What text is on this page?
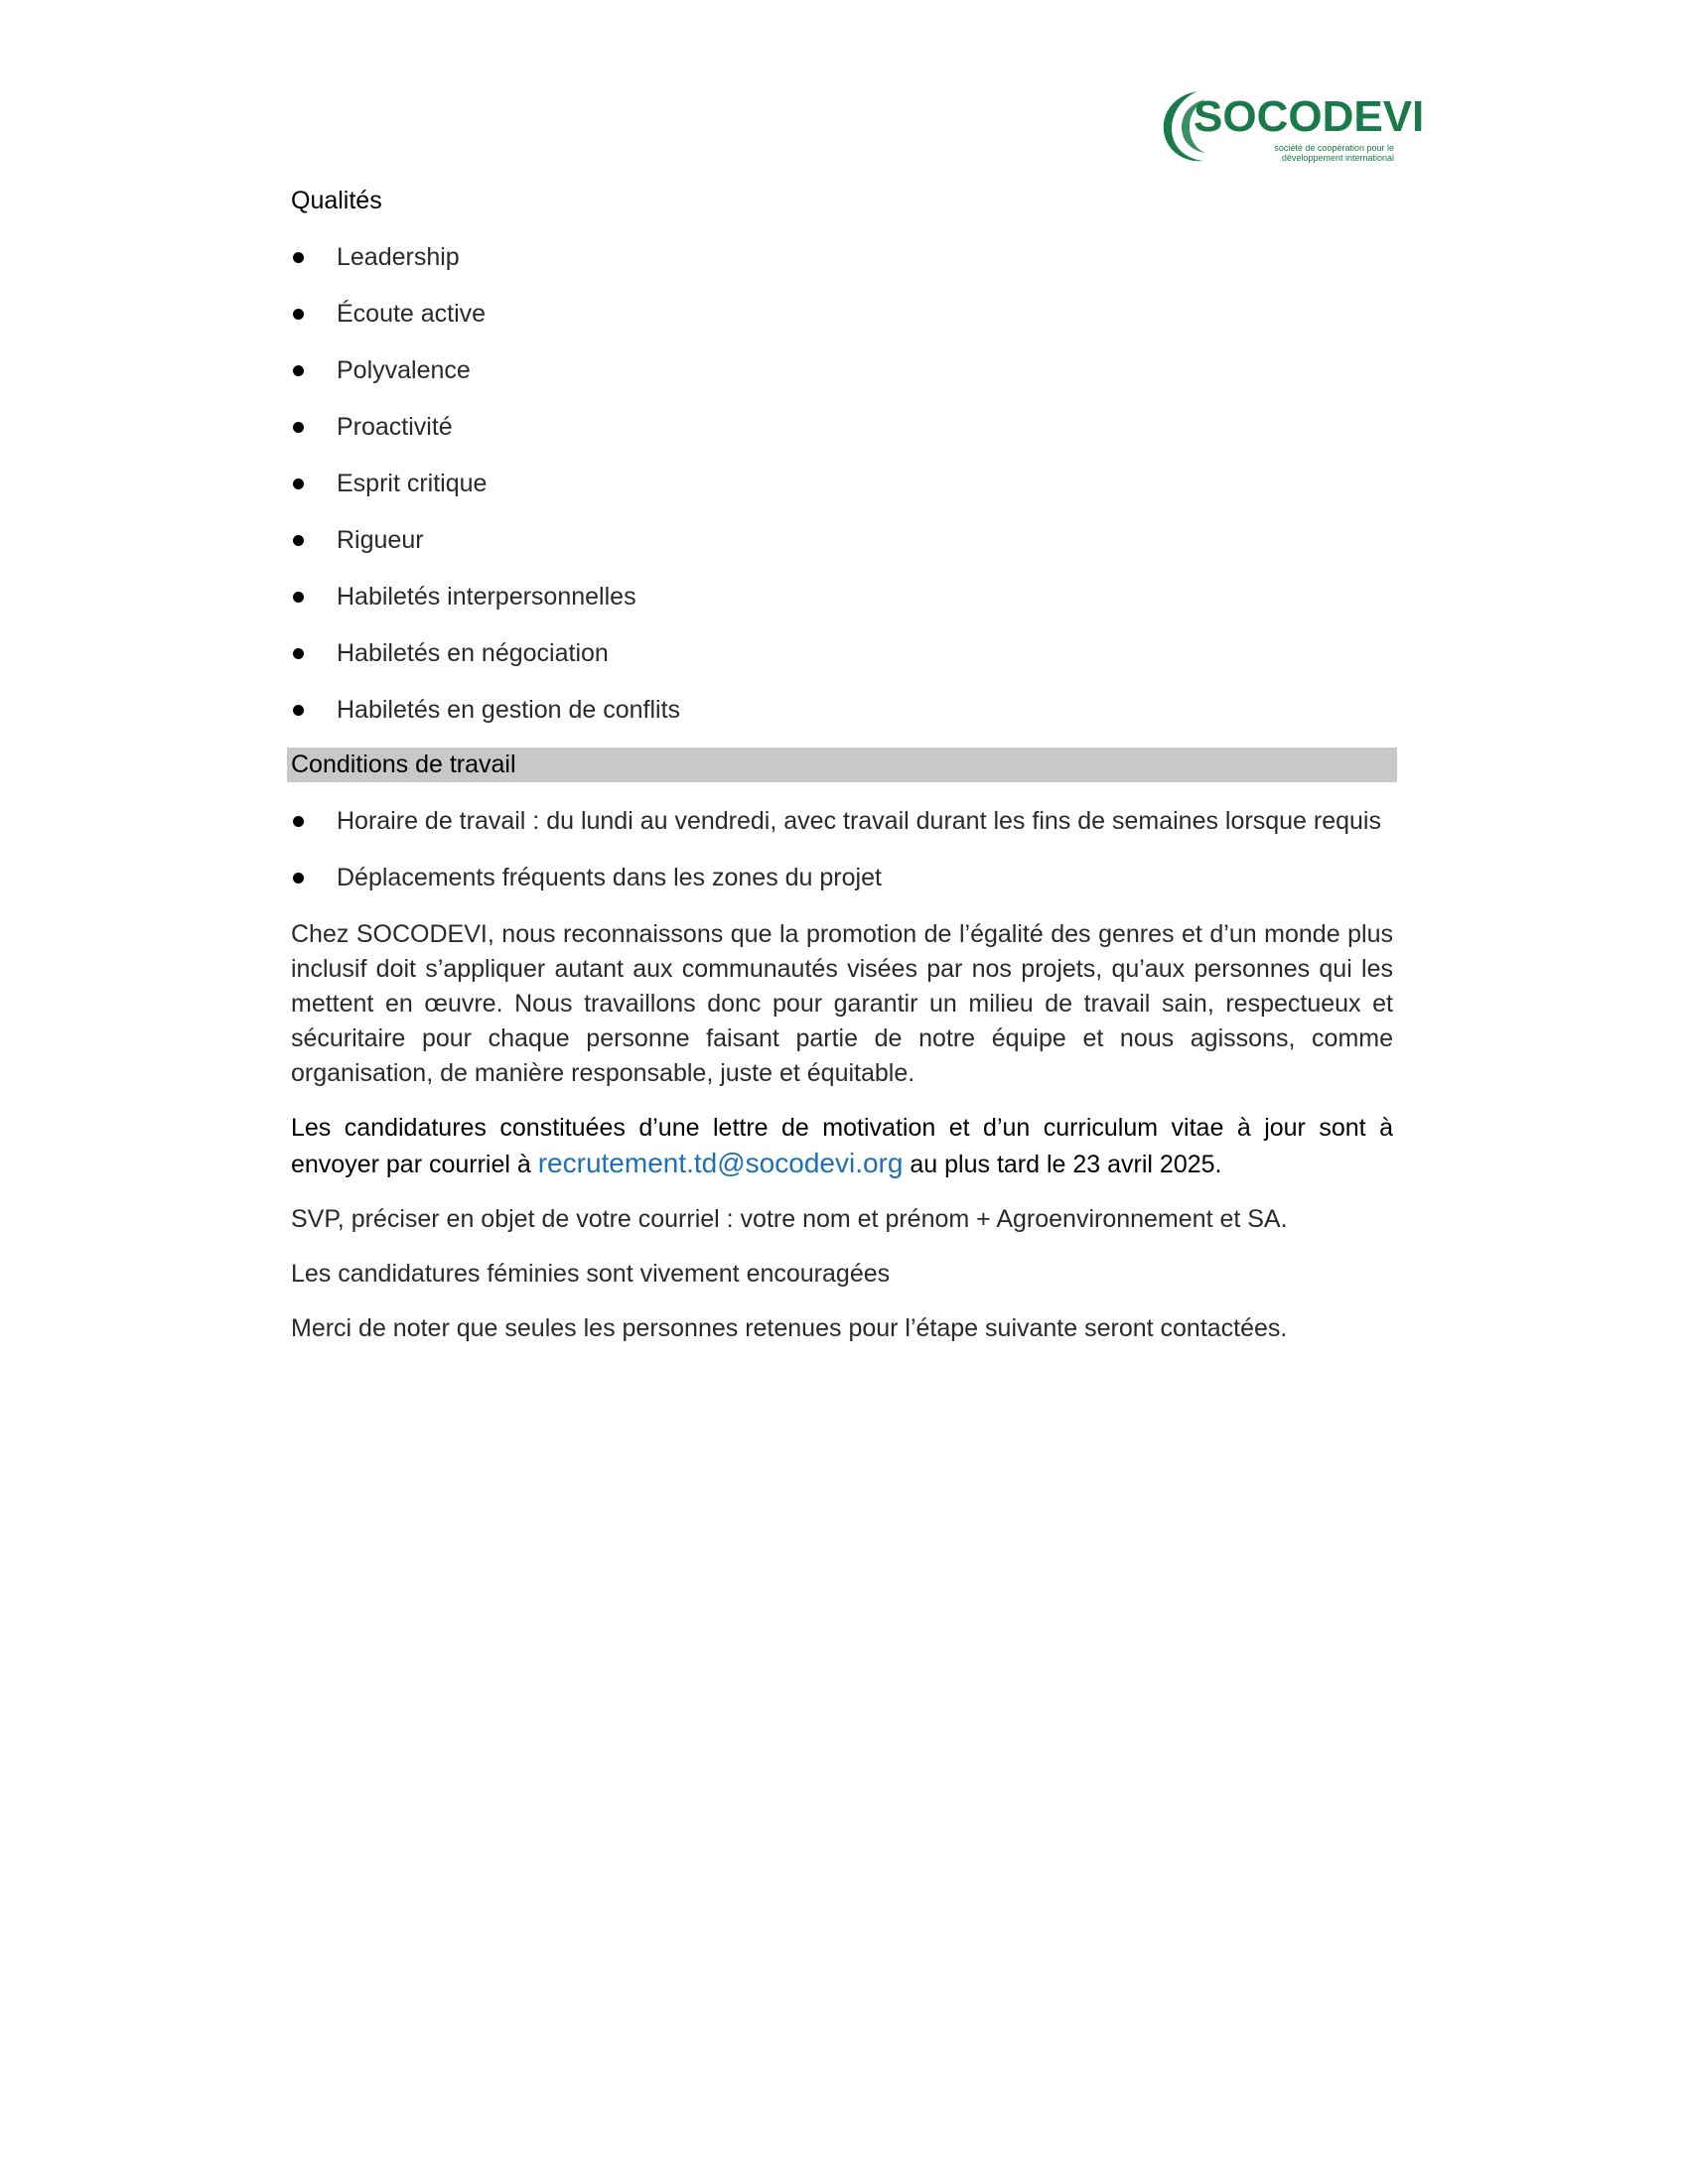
SOCODEVI
société de coopération pour le
développement international
Qualités
Leadership
Écoute active
Polyvalence
Proactivité
Esprit critique
Rigueur
Habiletés interpersonnelles
Habiletés en négociation
Habiletés en gestion de conflits
Conditions de travail
Horaire de travail : du lundi au vendredi, avec travail durant les fins de semaines lorsque requis
Déplacements fréquents dans les zones du projet

Chez SOCODEVI, nous reconnaissons que la promotion de l’égalité des genres et d’un monde plus inclusif doit s’appliquer autant aux communautés visées par nos projets, qu’aux personnes qui les mettent en œuvre. Nous travaillons donc pour garantir un milieu de travail sain, respectueux et sécuritaire pour chaque personne faisant partie de notre équipe et nous agissons, comme organisation, de manière responsable, juste et équitable.

Les candidatures constituées d’une lettre de motivation et d’un curriculum vitae à jour sont à envoyer par courriel à recrutement.td@socodevi.org au plus tard le 23 avril 2025.

SVP, préciser en objet de votre courriel : votre nom et prénom + Agroenvironnement et SA.

Les candidatures féminies sont vivement encouragées

Merci de noter que seules les personnes retenues pour l’étape suivante seront contactées.
